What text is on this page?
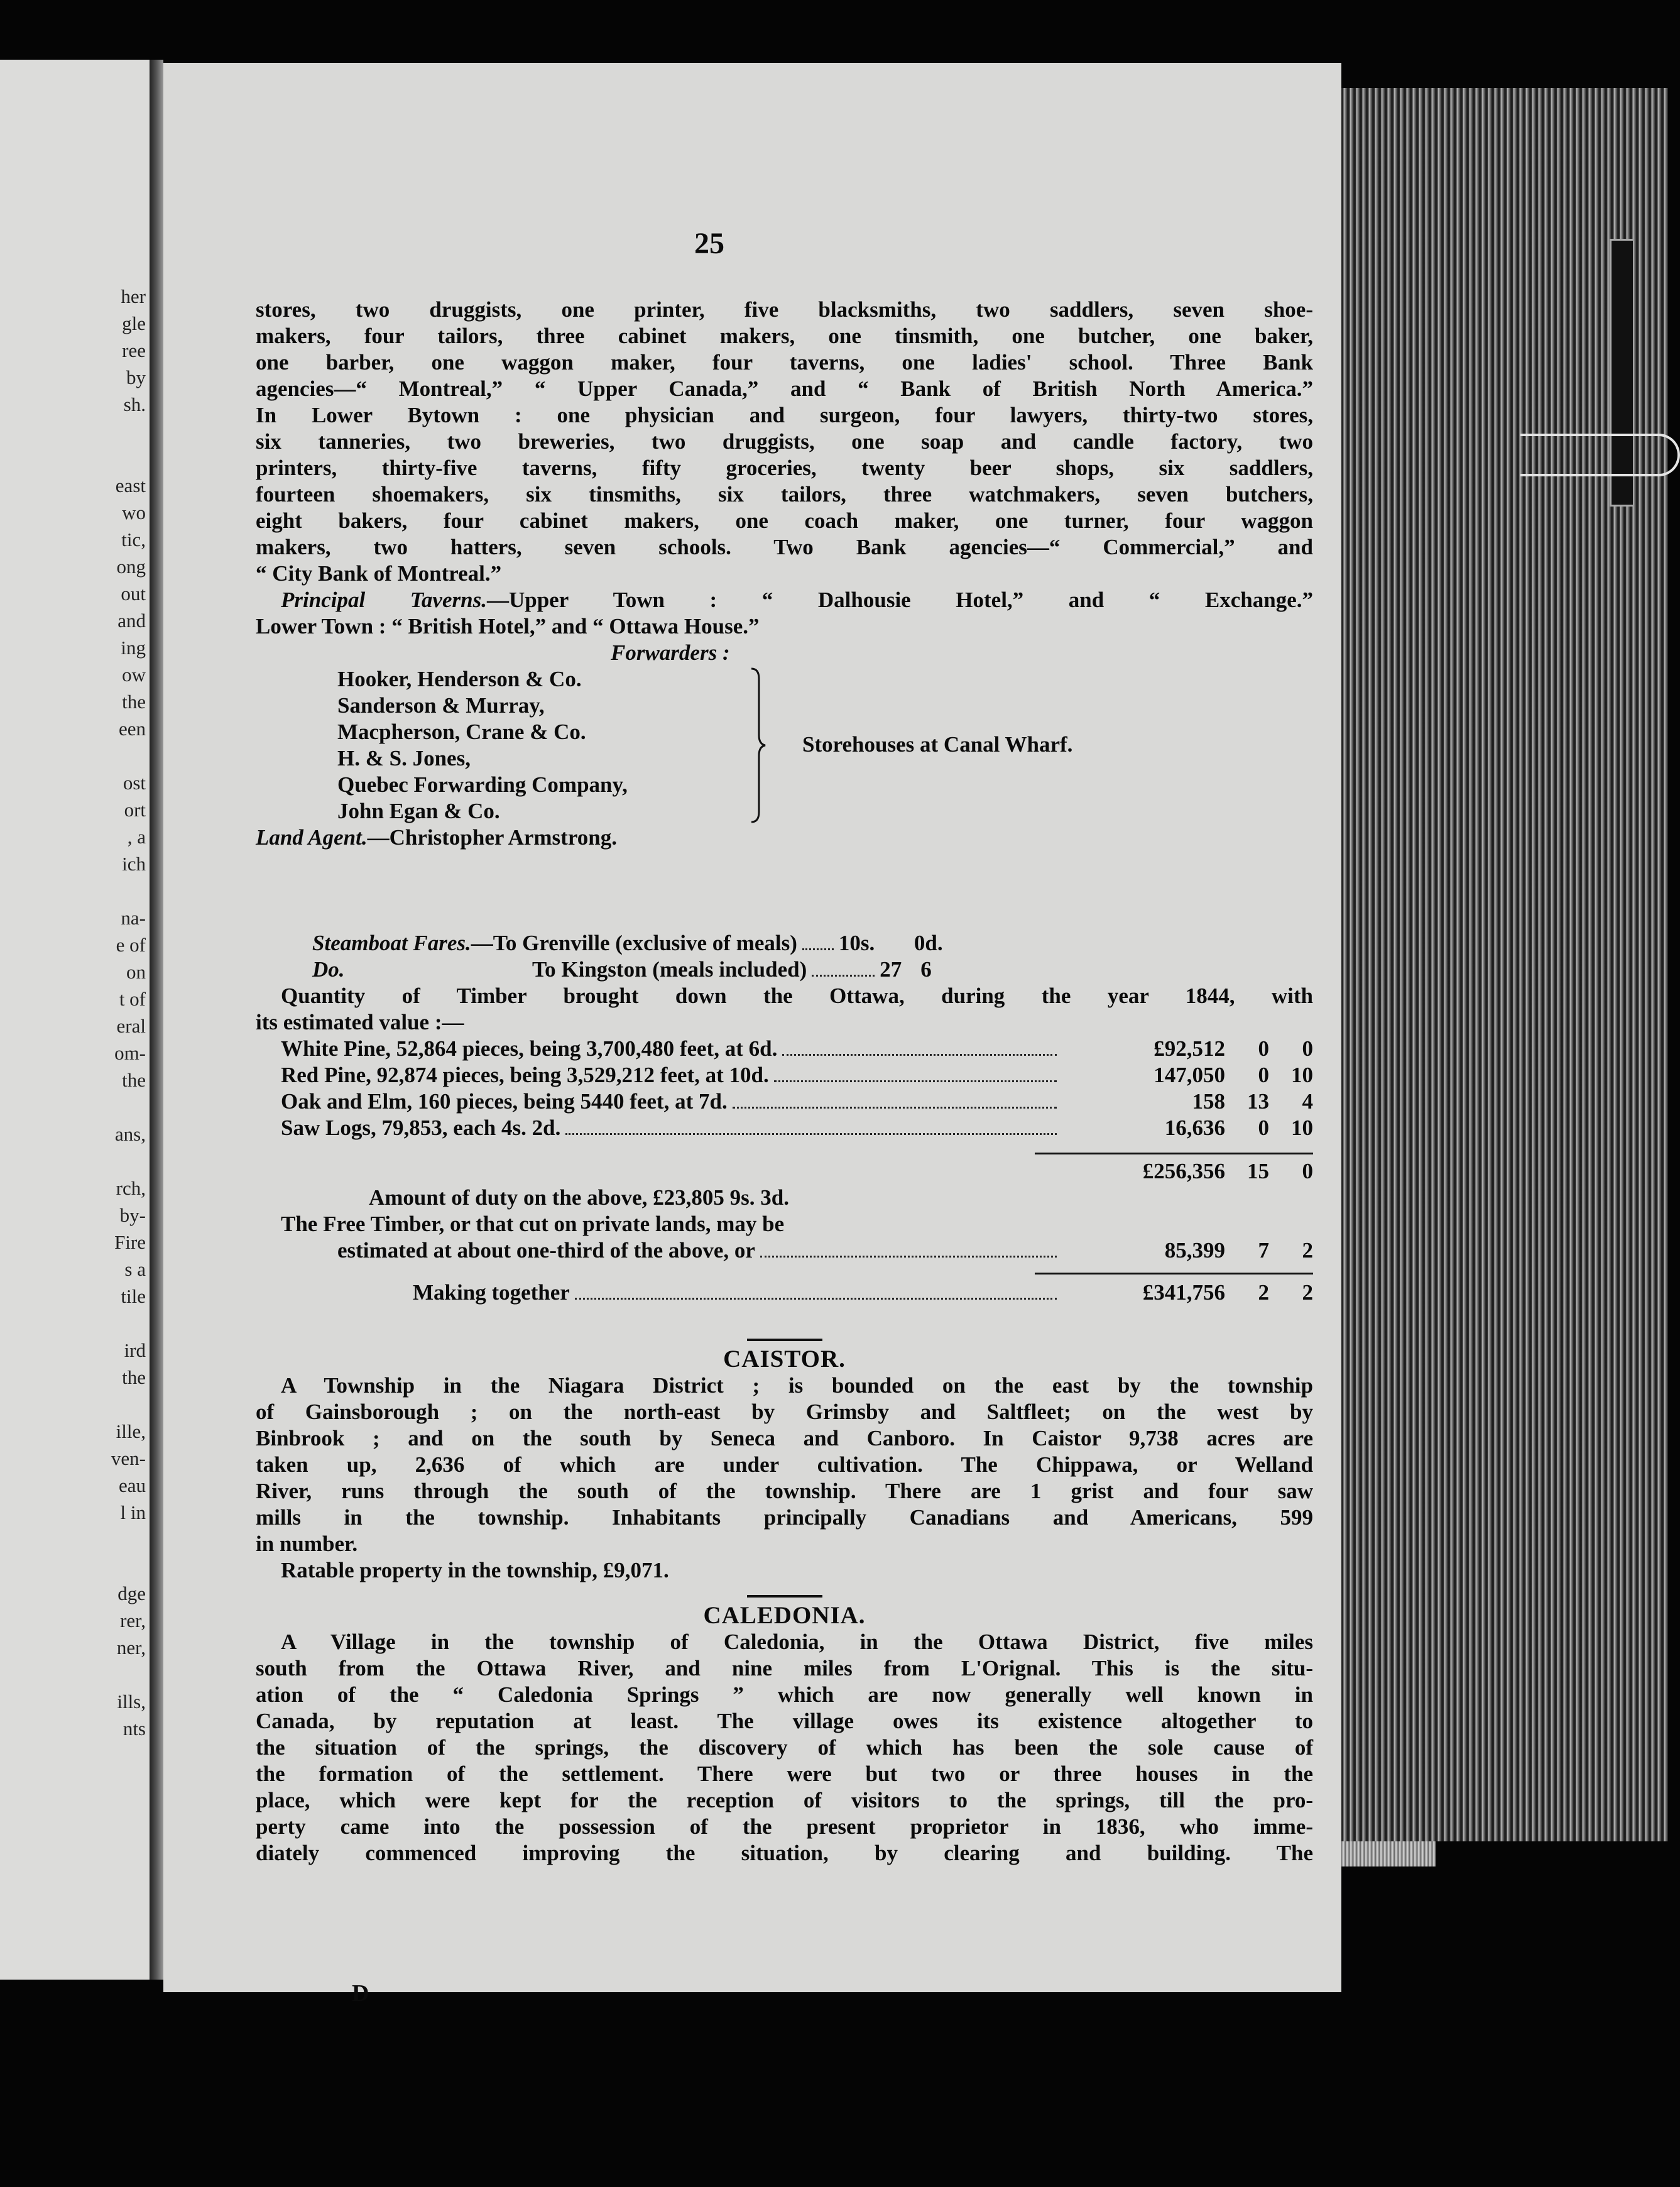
her
gle
ree
by
sh.
east
wo
tic,
ong
out
and
ing
ow
the
een
ost
ort
, a
ich
na-
e of
on
t of
eral
om-
the
ans,
rch,
by-
Fire
s a
tile
ird
the
ille,
ven-
eau
l in
dge
rer,
ner,
ills,
nts
25

stores, two druggists, one printer, five blacksmiths, two saddlers, seven shoe-

makers, four tailors, three cabinet makers, one tinsmith, one butcher, one baker,

one barber, one waggon maker, four taverns, one ladies' school. Three Bank

agencies—“ Montreal,” “ Upper Canada,” and “ Bank of British North America.”

In Lower Bytown : one physician and surgeon, four lawyers, thirty-two stores,

six tanneries, two breweries, two druggists, one soap and candle factory, two

printers, thirty-five taverns, fifty groceries, twenty beer shops, six saddlers,

fourteen shoemakers, six tinsmiths, six tailors, three watchmakers, seven butchers,

eight bakers, four cabinet makers, one coach maker, one turner, four waggon

makers, two hatters, seven schools. Two Bank agencies—“ Commercial,” and

“ City Bank of Montreal.”

Principal Taverns.—Upper Town : “ Dalhousie Hotel,” and “ Exchange.”

Lower Town : “ British Hotel,” and “ Ottawa House.”

Forwarders :

Hooker, Henderson & Co.
Sanderson & Murray,
Macpherson, Crane & Co.
H. & S. Jones,
Quebec Forwarding Company,
John Egan & Co.
Storehouses at Canal Wharf.

Land Agent.—Christopher Armstrong.

Steamboat Fares.—To Grenville (exclusive of meals) 10s.	0d.
Do.	To Kingston (meals included)	27 6

Quantity of Timber brought down the Ottawa, during the year 1844, with

its estimated value :—

White Pine, 52,864 pieces, being 3,700,480 feet, at 6d.	£92,512	0	0
Red Pine, 92,874 pieces, being 3,529,212 feet, at 10d.	147,050	0	10
Oak and Elm, 160 pieces, being 5440 feet, at 7d.	158	13	4
Saw Logs, 79,853, each 4s. 2d.	16,636	0	10
£256,356	15	0

Amount of duty on the above, £23,805 9s. 3d.

The Free Timber, or that cut on private lands, may be

estimated at about one-third of the above, or	85,399	7	2
Making together	£341,756	2	2
CAISTOR.

A Township in the Niagara District ; is bounded on the east by the township

of Gainsborough ; on the north-east by Grimsby and Saltfleet; on the west by

Binbrook ; and on the south by Seneca and Canboro. In Caistor 9,738 acres are

taken up, 2,636 of which are under cultivation. The Chippawa, or Welland

River, runs through the south of the township. There are 1 grist and four saw

mills in the township. Inhabitants principally Canadians and Americans, 599

in number.

Ratable property in the township, £9,071.

CALEDONIA.

A Village in the township of Caledonia, in the Ottawa District, five miles

south from the Ottawa River, and nine miles from L'Orignal. This is the situ-

ation of the “ Caledonia Springs ” which are now generally well known in

Canada, by reputation at least. The village owes its existence altogether to

the situation of the springs, the discovery of which has been the sole cause of

the formation of the settlement. There were but two or three houses in the

place, which were kept for the reception of visitors to the springs, till the pro-

perty came into the possession of the present proprietor in 1836, who imme-

diately commenced improving the situation, by clearing and building. The

D
